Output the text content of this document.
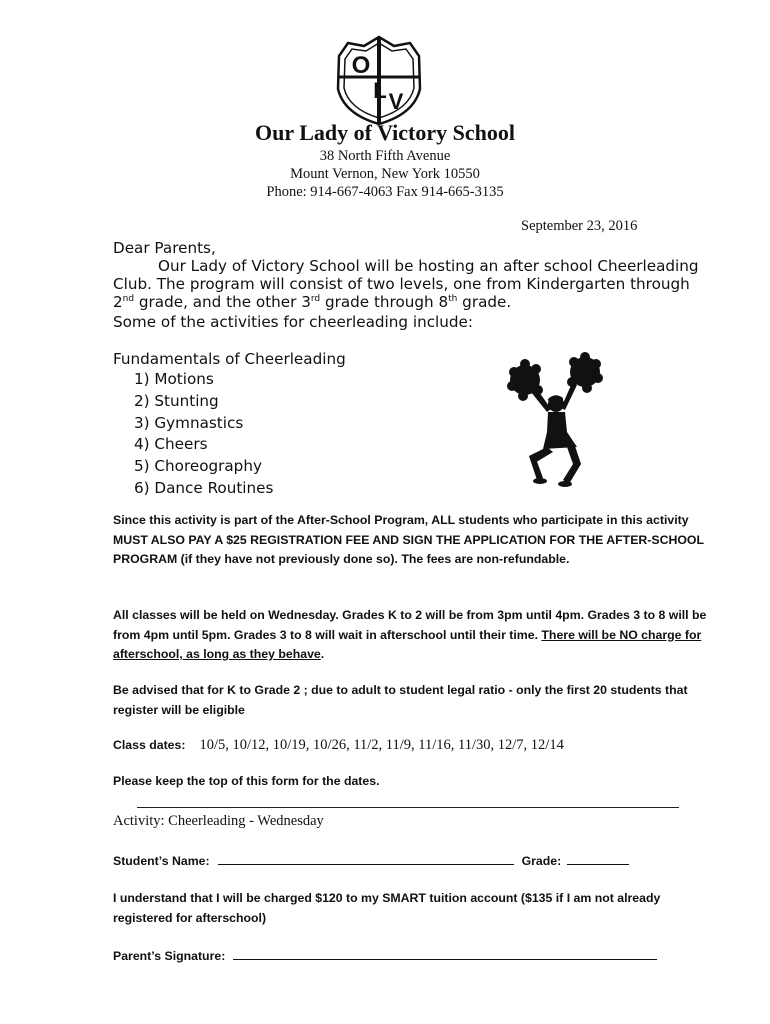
O
L V
Our Lady of Victory School
38 North Fifth Avenue
Mount Vernon, New York 10550
Phone: 914-667-4063 Fax 914-665-3135
September 23, 2016
Dear Parents,
Our Lady of Victory School will be hosting an after school Cheerleading
Club. The program will consist of two levels, one from Kindergarten through
2nd grade, and the other 3rd grade through 8th grade.
Some of the activities for cheerleading include:
Fundamentals of Cheerleading
1) Motions
2) Stunting
3) Gymnastics
4) Cheers
5) Choreography
6) Dance Routines
Since this activity is part of the After-School Program, ALL students who participate in this activity MUST ALSO PAY A $25 REGISTRATION FEE AND SIGN THE APPLICATION FOR THE AFTER-SCHOOL PROGRAM (if they have not previously done so). The fees are non-refundable.
All classes will be held on Wednesday. Grades K to 2 will be from 3pm until 4pm. Grades 3 to 8 will be from 4pm until 5pm. Grades 3 to 8 will wait in afterschool until their time. There will be NO charge for afterschool, as long as they behave.
Be advised that for K to Grade 2 ; due to adult to student legal ratio - only the first 20 students that register will be eligible
Class dates: 10/5, 10/12, 10/19, 10/26, 11/2, 11/9, 11/16, 11/30, 12/7, 12/14
Please keep the top of this form for the dates.
Activity: Cheerleading - Wednesday
Student’s Name:	Grade:
I understand that I will be charged $120 to my SMART tuition account ($135 if I am not already registered for afterschool)
Parent’s Signature:
